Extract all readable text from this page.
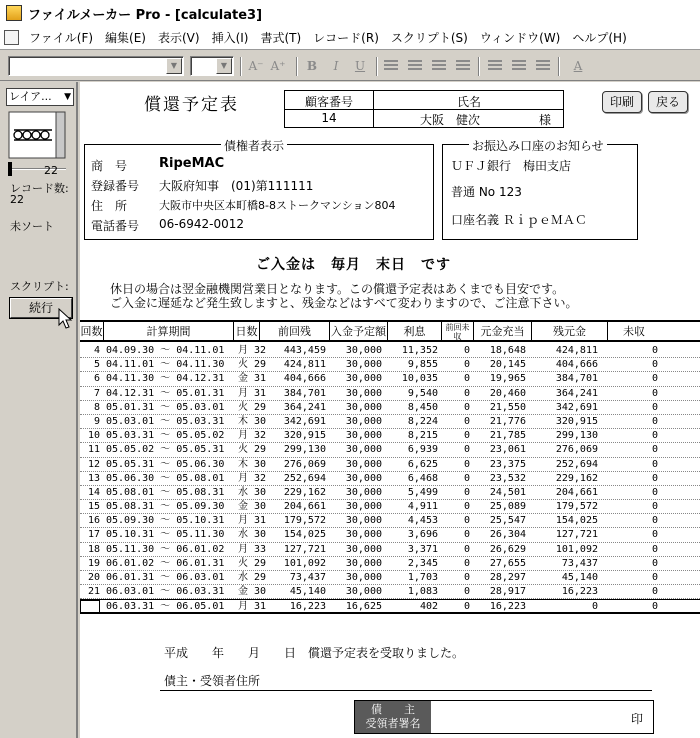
ファイルメーカー Pro - [calculate3]
ファイル(F)	編集(E)	表示(V)	挿入(I)	書式(T)	レコード(R)	スクリプト(S)	ウィンドウ(W)	ヘルプ(H)
▼	▼	A⁻ A⁺	B	I	U	A
レイア... ▼
22
レコード数:
22
未ソート
スクリプト:
続行
償還予定表	顧客番号
14
氏名
大阪　健次	様
印刷	戻る
債権者表示
商　号 RipeMAC
登録番号 大阪府知事　(01)第111111
住　所	大阪市中央区本町橋8-8ストークマンション804
電話番号 06-6942-0012
お振込み口座のお知らせ
ＵＦＪ銀行　梅田支店
普通 No 123
口座名義 ＲｉｐｅＭＡＣ
ご入金は　毎月　末日　です
休日の場合は翌金融機関営業日となります。この償還予定表はあくまでも目安です。
ご入金に遅延など発生致しますと、残金などはすべて変わりますので、ご注意下さい。
回数	計算期間	日数	前回残	入金予定額	利息	前回未収	元金充当	残元金	未収
4 04.09.30 ～ 04.11.01	月 32	443,459	30,000	11,352	0	18,648	424,811	0
5 04.11.01 ～ 04.11.30	火 29	424,811	30,000	9,855	0	20,145	404,666	0
6 04.11.30 ～ 04.12.31	金 31	404,666	30,000	10,035	0	19,965	384,701	0
7 04.12.31 ～ 05.01.31	月 31	384,701	30,000	9,540	0	20,460	364,241	0
8 05.01.31 ～ 05.03.01	火 29	364,241	30,000	8,450	0	21,550	342,691	0
9 05.03.01 ～ 05.03.31	木 30	342,691	30,000	8,224	0	21,776	320,915	0
10 05.03.31 ～ 05.05.02	月 32	320,915	30,000	8,215	0	21,785	299,130	0
11 05.05.02 ～ 05.05.31	火 29	299,130	30,000	6,939	0	23,061	276,069	0
12 05.05.31 ～ 05.06.30	木 30	276,069	30,000	6,625	0	23,375	252,694	0
13 05.06.30 ～ 05.08.01	月 32	252,694	30,000	6,468	0	23,532	229,162	0
14 05.08.01 ～ 05.08.31	水 30	229,162	30,000	5,499	0	24,501	204,661	0
15 05.08.31 ～ 05.09.30	金 30	204,661	30,000	4,911	0	25,089	179,572	0
16 05.09.30 ～ 05.10.31	月 31	179,572	30,000	4,453	0	25,547	154,025	0
17 05.10.31 ～ 05.11.30	水 30	154,025	30,000	3,696	0	26,304	127,721	0
18 05.11.30 ～ 06.01.02	月 33	127,721	30,000	3,371	0	26,629	101,092	0
19 06.01.02 ～ 06.01.31	火 29	101,092	30,000	2,345	0	27,655	73,437	0
20 06.01.31 ～ 06.03.01	水 29	73,437	30,000	1,703	0	28,297	45,140	0
21 06.03.01 ～ 06.03.31	金 30	45,140	30,000	1,083	0	28,917	16,223	0
06.03.31 ～ 06.05.01	月 31	16,223	16,625	402	0	16,223	0	0
平成　　年　　月　　日　償還予定表を受取りました。
債主・受領者住所
債　　主
受領者署名	印
